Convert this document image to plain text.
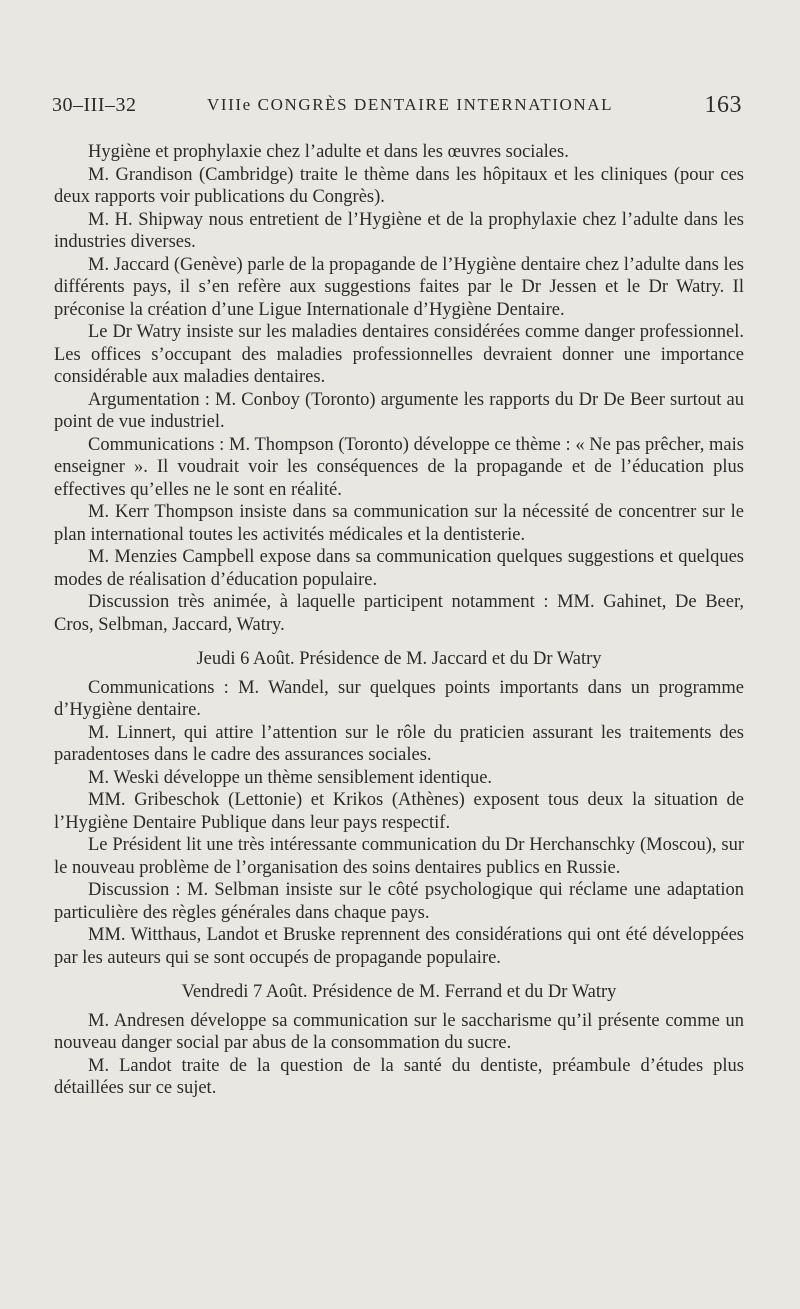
30–III–32	VIIIe CONGRÈS DENTAIRE INTERNATIONAL	163

Hygiène et prophylaxie chez l’adulte et dans les œuvres sociales.

M. Grandison (Cambridge) traite le thème dans les hôpitaux et les cliniques (pour ces deux rapports voir publications du Congrès).

M. H. Shipway nous entretient de l’Hygiène et de la prophylaxie chez l’adulte dans les industries diverses.

M. Jaccard (Genève) parle de la propagande de l’Hygiène dentaire chez l’adulte dans les différents pays, il s’en refère aux suggestions faites par le Dr Jessen et le Dr Watry. Il préconise la création d’une Ligue Internationale d’Hygiène Dentaire.

Le Dr Watry insiste sur les maladies dentaires considérées comme danger professionnel. Les offices s’occupant des maladies professionnelles devraient donner une importance considérable aux maladies dentaires.

Argumentation : M. Conboy (Toronto) argumente les rapports du Dr De Beer surtout au point de vue industriel.

Communications : M. Thompson (Toronto) développe ce thème : « Ne pas prêcher, mais enseigner ». Il voudrait voir les conséquences de la propagande et de l’éducation plus effectives qu’elles ne le sont en réalité.

M. Kerr Thompson insiste dans sa communication sur la nécessité de concentrer sur le plan international toutes les activités médicales et la dentisterie.

M. Menzies Campbell expose dans sa communication quelques suggestions et quelques modes de réalisation d’éducation populaire.

Discussion très animée, à laquelle participent notamment : MM. Gahinet, De Beer, Cros, Selbman, Jaccard, Watry.

Jeudi 6 Août. Présidence de M. Jaccard et du Dr Watry

Communications : M. Wandel, sur quelques points importants dans un programme d’Hygiène dentaire.

M. Linnert, qui attire l’attention sur le rôle du praticien assurant les traitements des paradentoses dans le cadre des assurances sociales.

M. Weski développe un thème sensiblement identique.

MM. Gribeschok (Lettonie) et Krikos (Athènes) exposent tous deux la situation de l’Hygiène Dentaire Publique dans leur pays respectif.

Le Président lit une très intéressante communication du Dr Herchanschky (Moscou), sur le nouveau problème de l’organisation des soins dentaires publics en Russie.

Discussion : M. Selbman insiste sur le côté psychologique qui réclame une adaptation particulière des règles générales dans chaque pays.

MM. Witthaus, Landot et Bruske reprennent des considérations qui ont été développées par les auteurs qui se sont occupés de propagande populaire.

Vendredi 7 Août. Présidence de M. Ferrand et du Dr Watry

M. Andresen développe sa communication sur le saccharisme qu’il présente comme un nouveau danger social par abus de la consommation du sucre.

M. Landot traite de la question de la santé du dentiste, préambule d’études plus détaillées sur ce sujet.
